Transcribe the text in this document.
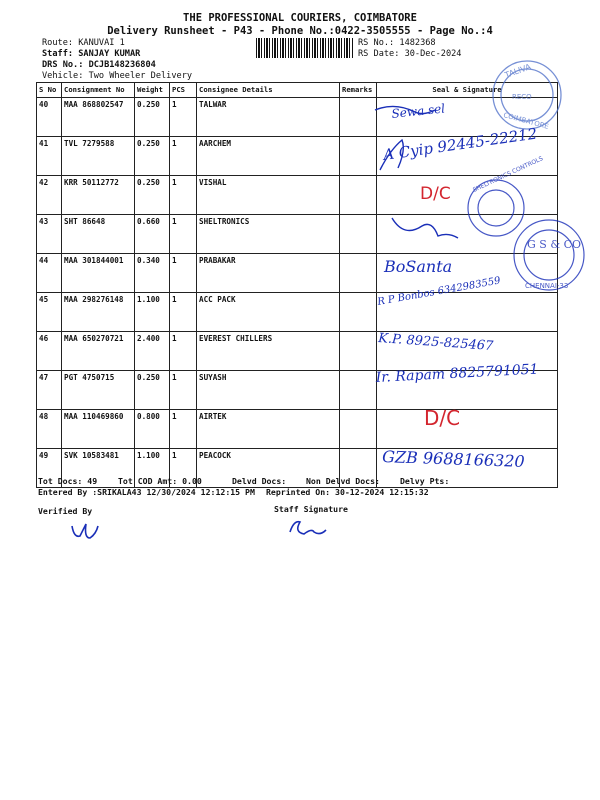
THE PROFESSIONAL COURIERS, COIMBATORE
Delivery Runsheet - P43 - Phone No.:0422-3505555 - Page No.:4
Route: KANUVAI 1
Staff: SANJAY KUMAR
DRS No.: DCJB148236804
Vehicle: Two Wheeler Delivery
RS No.: 1482368
RS Date: 30-Dec-2024
S No	Consignment No	Weight	PCS	Consignee Details	Remarks	Seal & Signature
40	MAA 868802547	0.250	1	TALWAR		
41	TVL 7279588	0.250	1	AARCHEM		
42	KRR 50112772	0.250	1	VISHAL		
43	SHT 86648	0.660	1	SHELTRONICS		
44	MAA 301844001	0.340	1	PRABAKAR		
45	MAA 298276148	1.100	1	ACC PACK		
46	MAA 650270721	2.400	1	EVEREST CHILLERS		
47	PGT 4750715	0.250	1	SUYASH		
48	MAA 110469860	0.800	1	AIRTEK		
49	SVK 10583481	1.100	1	PEACOCK		
Tot Docs: 49	Tot COD Amt: 0.00	Delvd Docs: Non Delvd Docs: Delvy Pts:
Entered By :SRIKALA43 12/30/2024 12:12:15 PM Reprinted On: 30-12-2024 12:15:32
Verified By	Staff Signature
TALIVA
RECO
COIMBATORE
Sewa sel
A Cyip 92445-22212
D/C
SHELTRONICS CONTROLS
G S & CO
CHENNAI-33
BoSanta
R P Bonbos 6342983559
K.P. 8925-825467
Ir. Rapam 8825791051
D/C
GZB 9688166320
